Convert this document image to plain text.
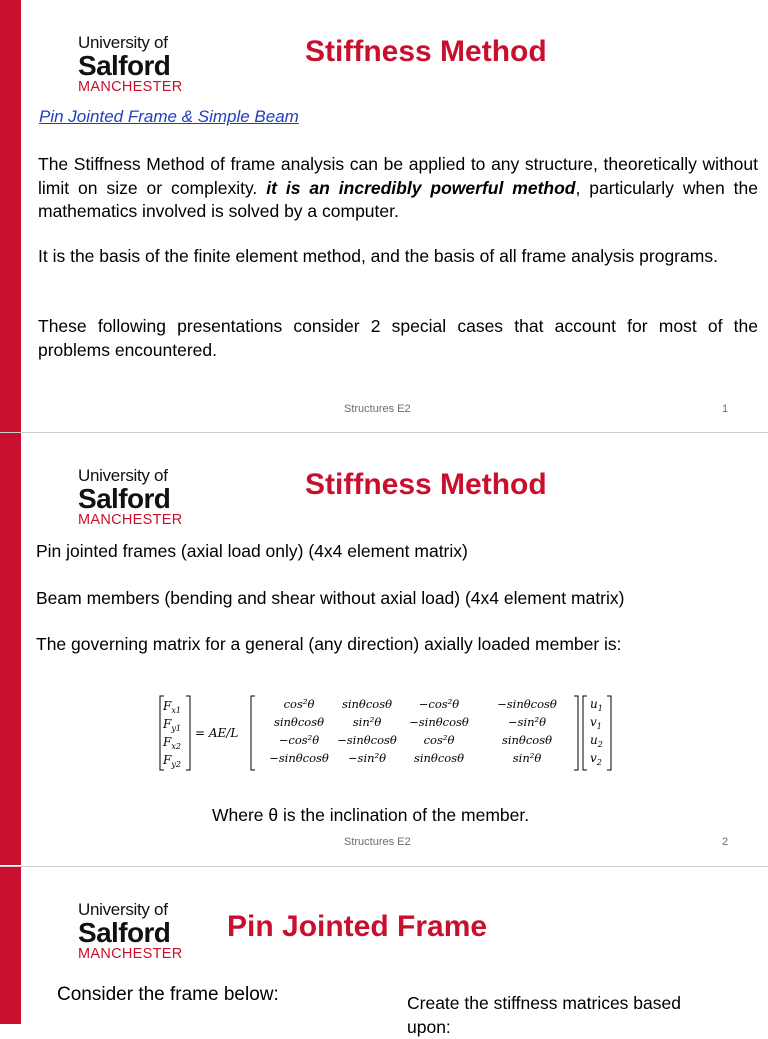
University of
Salford
MANCHESTER
Stiffness Method
Pin Jointed Frame & Simple Beam
The Stiffness Method of frame analysis can be applied to any structure, theoretically without limit on size or complexity. it is an incredibly powerful method, particularly when the mathematics involved is solved by a computer.
It is the basis of the finite element method, and the basis of all frame analysis programs.
These following presentations consider 2 special cases that account for most of the problems encountered.
Structures E2	1
University of
Salford
MANCHESTER
Stiffness Method
Pin jointed frames (axial load only) (4x4 element matrix)
Beam members (bending and shear without axial load) (4x4 element matrix)
The governing matrix for a general (any direction) axially loaded member is:
$F_{x1}$
$F_{y1}$
$F_{x2}$
$F_{y2}$
= AE/L
cos²θ sinθcosθ −cos²θ	−sinθcosθ
sinθcosθ sin²θ −sinθcosθ	−sin²θ
−cos²θ −sinθcosθ cos²θ	sinθcosθ
−sinθcosθ −sin²θ sinθcosθ	sin²θ
$u_1$
$v_1$
$u_2$
$v_2$
Where θ is the inclination of the member.
Structures E2	2
University of
Salford
MANCHESTER
Pin Jointed Frame
Consider the frame below:	Create the stiffness matrices based upon:
